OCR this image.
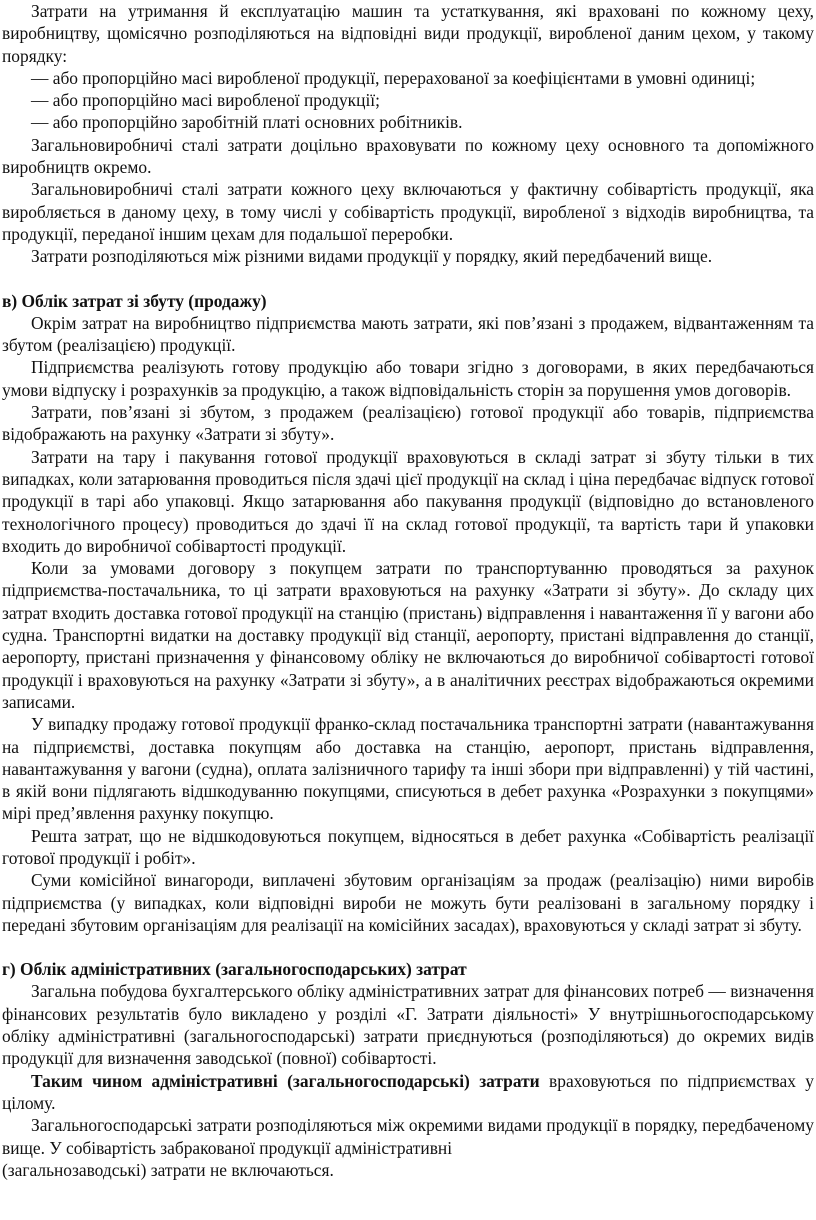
Затрати на утримання й експлуатацію машин та устаткування, які враховані по кожному цеху, виробництву, щомісячно розподіляються на відповідні види продукції, виробленої даним цехом, у такому порядку:

— або пропорційно масі виробленої продукції, перерахованої за коефіцієнтами в умовні одиниці;

— або пропорційно масі виробленої продукції;

— або пропорційно заробітній платі основних робітників.

Загальновиробничі сталі затрати доцільно враховувати по кожному цеху основного та допоміжного виробництв окремо.

Загальновиробничі сталі затрати кожного цеху включаються у фактичну собівартість продукції, яка виробляється в даному цеху, в тому числі у собівартість продукції, виробленої з відходів виробництва, та продукції, переданої іншим цехам для подальшої переробки.

Затрати розподіляються між різними видами продукції у порядку, який передбачений вище.

в) Облік затрат зі збуту (продажу)

Окрім затрат на виробництво підприємства мають затрати, які пов’язані з продажем, відвантаженням та збутом (реалізацією) продукції.

Підприємства реалізують готову продукцію або товари згідно з договорами, в яких передбачаються умови відпуску і розрахунків за продукцію, а також відповідальність сторін за порушення умов договорів.

Затрати, пов’язані зі збутом, з продажем (реалізацією) готової продукції або товарів, підприємства відображають на рахунку «Затрати зі збуту».

Затрати на тару і пакування готової продукції враховуються в складі затрат зі збуту тільки в тих випадках, коли затарювання проводиться після здачі цієї продукції на склад і ціна передбачає відпуск готової продукції в тарі або упаковці. Якщо затарювання або пакування продукції (відповідно до встановленого технологічного процесу) проводиться до здачі її на склад готової продукції, та вартість тари й упаковки входить до виробничої собівартості продукції.

Коли за умовами договору з покупцем затрати по транспортуванню проводяться за рахунок підприємства-постачальника, то ці затрати враховуються на рахунку «Затрати зі збуту». До складу цих затрат входить доставка готової продукції на станцію (пристань) відправлення і навантаження її у вагони або судна. Транспортні видатки на доставку продукції від станції, аеропорту, пристані відправлення до станції, аеропорту, пристані призначення у фінансовому обліку не включаються до виробничої собівартості готової продукції і враховуються на рахунку «Затрати зі збуту», а в аналітичних реєстрах відображаються окремими записами.

У випадку продажу готової продукції франко-склад постачальника транспортні затрати (навантажування на підприємстві, доставка покупцям або доставка на станцію, аеропорт, пристань відправлення, навантажування у вагони (судна), оплата залізничного тарифу та інші збори при відправленні) у тій частині, в якій вони підлягають відшкодуванню покупцями, списуються в дебет рахунка «Розрахунки з покупцями» мірі пред’явлення рахунку покупцю.

Решта затрат, що не відшкодовуються покупцем, відносяться в дебет рахунка «Собівартість реалізації готової продукції і робіт».

Суми комісійної винагороди, виплачені збутовим організаціям за продаж (реалізацію) ними виробів підприємства (у випадках, коли відповідні вироби не можуть бути реалізовані в загальному порядку і передані збутовим організаціям для реалізації на комісійних засадах), враховуються у складі затрат зі збуту.

г) Облік адміністративних (загальногосподарських) затрат

Загальна побудова бухгалтерського обліку адміністративних затрат для фінансових потреб — визначення фінансових результатів було викладено у розділі «Г. Затрати діяльності» У внутрішньогосподарському обліку адміністративні (загальногосподарські) затрати приєднуються (розподіляються) до окремих видів продукції для визначення заводської (повної) собівартості.

Таким чином адміністративні (загальногосподарські) затрати враховуються по підприємствах у цілому.

Загальногосподарські затрати розподіляються між окремими видами продукції в порядку, передбаченому вище. У собівартість забракованої продукції адміністративні
(загальнозаводські) затрати не включаються.
